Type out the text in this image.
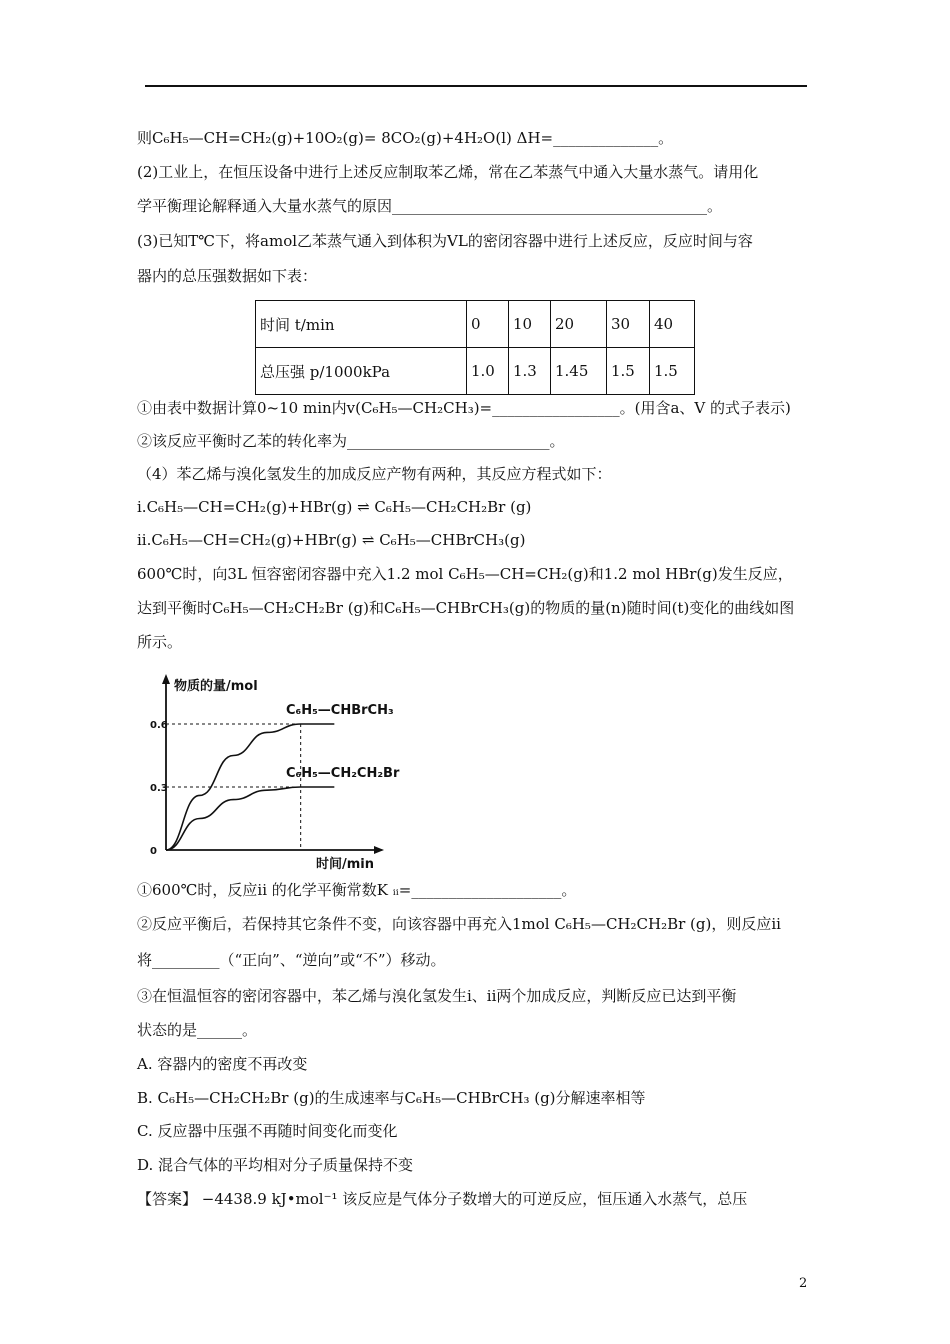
则C₆H₅—CH=CH₂(g)+10O₂(g)= 8CO₂(g)+4H₂O(l) ΔH=______________。
(2)工业上，在恒压设备中进行上述反应制取苯乙烯，常在乙苯蒸气中通入大量水蒸气。请用化
学平衡理论解释通入大量水蒸气的原因__________________________________________。
(3)已知T℃下，将amol乙苯蒸气通入到体积为VL的密闭容器中进行上述反应，反应时间与容
器内的总压强数据如下表：
时间 t/min	0	10	20	30	40
总压强 p/1000kPa	1.0	1.3	1.45	1.5	1.5
①由表中数据计算0~10 min内v(C₆H₅—CH₂CH₃)=_________________。(用含a、V 的式子表示)
②该反应平衡时乙苯的转化率为___________________________。
（4）苯乙烯与溴化氢发生的加成反应产物有两种，其反应方程式如下：
i.C₆H₅—CH=CH₂(g)+HBr(g) ⇌ C₆H₅—CH₂CH₂Br (g)
ii.C₆H₅—CH=CH₂(g)+HBr(g) ⇌ C₆H₅—CHBrCH₃(g)
600℃时，向3L 恒容密闭容器中充入1.2 mol C₆H₅—CH=CH₂(g)和1.2 mol HBr(g)发生反应，
达到平衡时C₆H₅—CH₂CH₂Br (g)和C₆H₅—CHBrCH₃(g)的物质的量(n)随时间(t)变化的曲线如图
所示。
物质的量/mol
时间/min
0
0.6
0.3
C₆H₅—CHBrCH₃
C₆H₅—CH₂CH₂Br
①600℃时，反应ii 的化学平衡常数K ᵢᵢ=____________________。
②反应平衡后，若保持其它条件不变，向该容器中再充入1mol C₆H₅—CH₂CH₂Br (g)，则反应ii
将_________（“正向”、“逆向”或“不”）移动。
③在恒温恒容的密闭容器中，苯乙烯与溴化氢发生i、ii两个加成反应，判断反应已达到平衡
状态的是______。
A. 容器内的密度不再改变
B. C₆H₅—CH₂CH₂Br (g)的生成速率与C₆H₅—CHBrCH₃ (g)分解速率相等
C. 反应器中压强不再随时间变化而变化
D. 混合气体的平均相对分子质量保持不变
【答案】 −4438.9 kJ•mol⁻¹ 该反应是气体分子数增大的可逆反应，恒压通入水蒸气，总压
2
